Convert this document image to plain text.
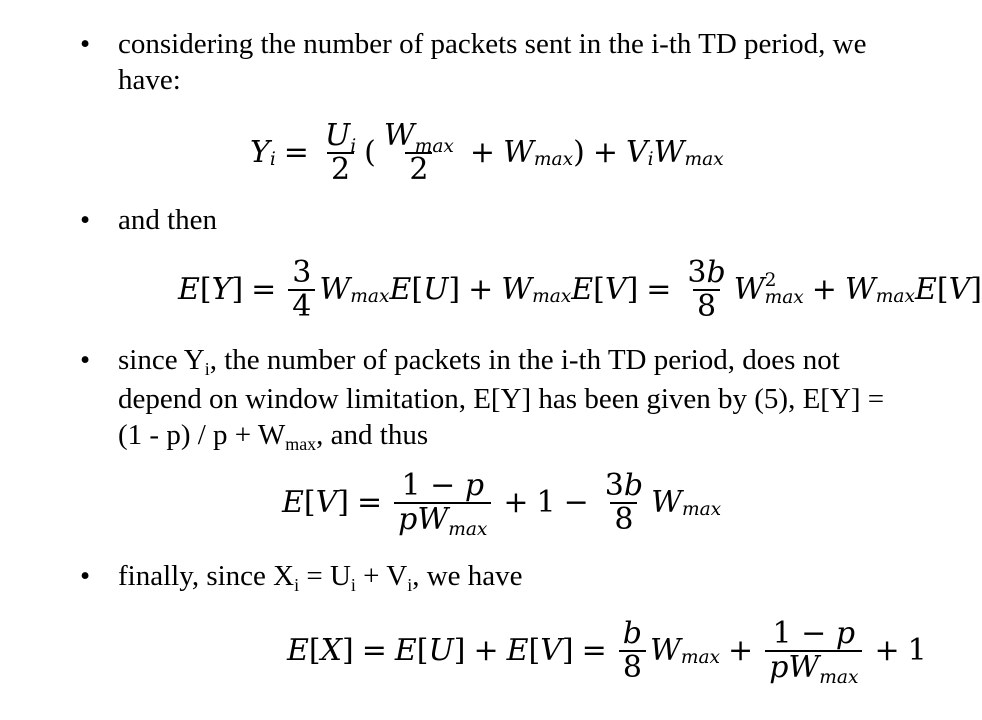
• considering the number of packets sent in the i-th TD period, we have:
Y $i = \frac{U_i}{2}$ ( $\frac{W_{max}}{2} + W$ max ) + V i W max
• and then
E [ Y ] = $\frac{3}{4}$ W max E [ U ] + W max E [ V ] = $\frac{3b}{8}$ W 2
max + W max E [ V ]
• since $Y_i$, the number of packets in the i-th TD period, does not depend on window limitation, E[Y] has been given by (5), $E[Y] = (1 - p) / p + W_{max}$, and thus
E [ V ] = $\frac{1 - p}{pW_{max}} + 1 - \frac{3b}{8}$ W max
• finally, since $X_i = U_i + V_i$, we have
E [ X ] = E [ U ] + E [ V ] = $\frac{b}{8}$ W $\max + \frac{1 - p}{pW_{max}} + 1$
